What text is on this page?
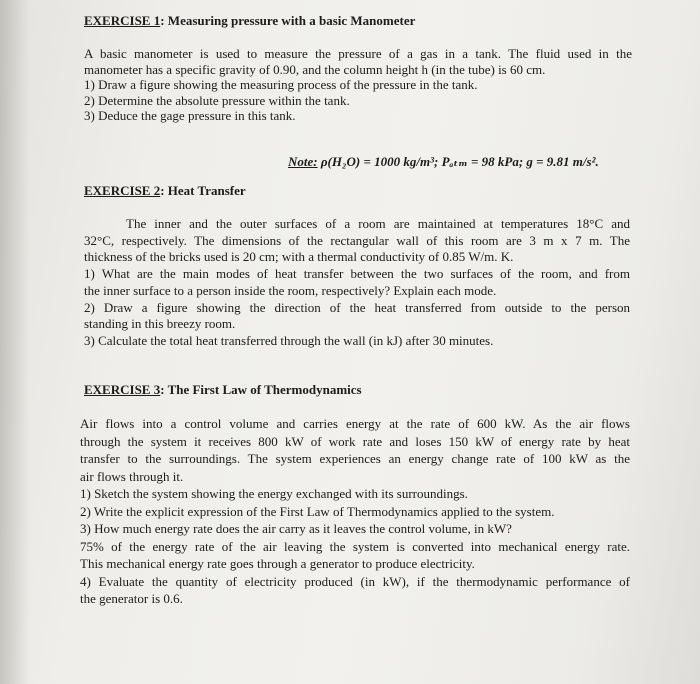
EXERCISE 1: Measuring pressure with a basic Manometer
A basic manometer is used to measure the pressure of a gas in a tank. The fluid used in the
manometer has a specific gravity of 0.90, and the column height h (in the tube) is 60 cm.
1) Draw a figure showing the measuring process of the pressure in the tank.
2) Determine the absolute pressure within the tank.
3) Deduce the gage pressure in this tank.
Note: ρ(H₂O) = 1000 kg/m³; Pₐₜₘ = 98 kPa; g = 9.81 m/s².
EXERCISE 2: Heat Transfer
The inner and the outer surfaces of a room are maintained at temperatures 18°C and
32°C, respectively. The dimensions of the rectangular wall of this room are 3 m x 7 m. The
thickness of the bricks used is 20 cm; with a thermal conductivity of 0.85 W/m. K.
1) What are the main modes of heat transfer between the two surfaces of the room, and from
the inner surface to a person inside the room, respectively? Explain each mode.
2) Draw a figure showing the direction of the heat transferred from outside to the person
standing in this breezy room.
3) Calculate the total heat transferred through the wall (in kJ) after 30 minutes.
EXERCISE 3: The First Law of Thermodynamics
Air flows into a control volume and carries energy at the rate of 600 kW. As the air flows
through the system it receives 800 kW of work rate and loses 150 kW of energy rate by heat
transfer to the surroundings. The system experiences an energy change rate of 100 kW as the
air flows through it.
1) Sketch the system showing the energy exchanged with its surroundings.
2) Write the explicit expression of the First Law of Thermodynamics applied to the system.
3) How much energy rate does the air carry as it leaves the control volume, in kW?
75% of the energy rate of the air leaving the system is converted into mechanical energy rate.
This mechanical energy rate goes through a generator to produce electricity.
4) Evaluate the quantity of electricity produced (in kW), if the thermodynamic performance of
the generator is 0.6.
